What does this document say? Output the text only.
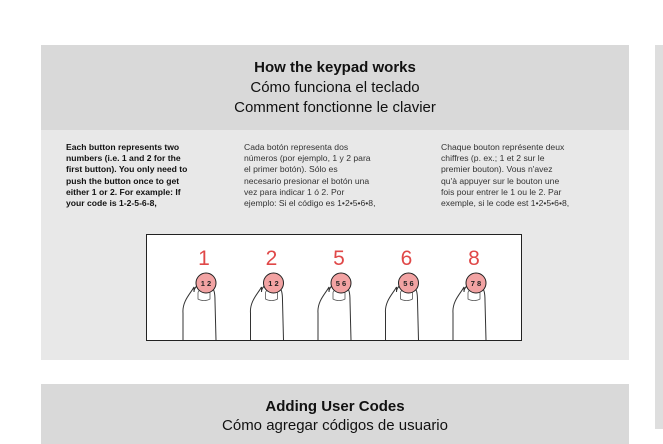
How the keypad works
Cómo funciona el teclado
Comment fonctionne le clavier
Each button represents two
numbers (i.e. 1 and 2 for the
first button). You only need to
push the button once to get
either 1 or 2. For example: If
your code is 1-2-5-6-8,
Cada botón representa dos
números (por ejemplo, 1 y 2 para
el primer botón). Sólo es
necesario presionar el botón una
vez para indicar 1 ó 2. Por
ejemplo: Si el código es 1•2•5•6•8,
Chaque bouton représente deux
chiffres (p. ex.; 1 et 2 sur le
premier bouton). Vous n'avez
qu'à appuyer sur le bouton une
fois pour entrer le 1 ou le 2. Par
exemple, si le code est 1•2•5•6•8,
1
1 2
2
1 2
5
5 6
6
5 6
8
7 8
Adding User Codes
Cómo agregar códigos de usuario
